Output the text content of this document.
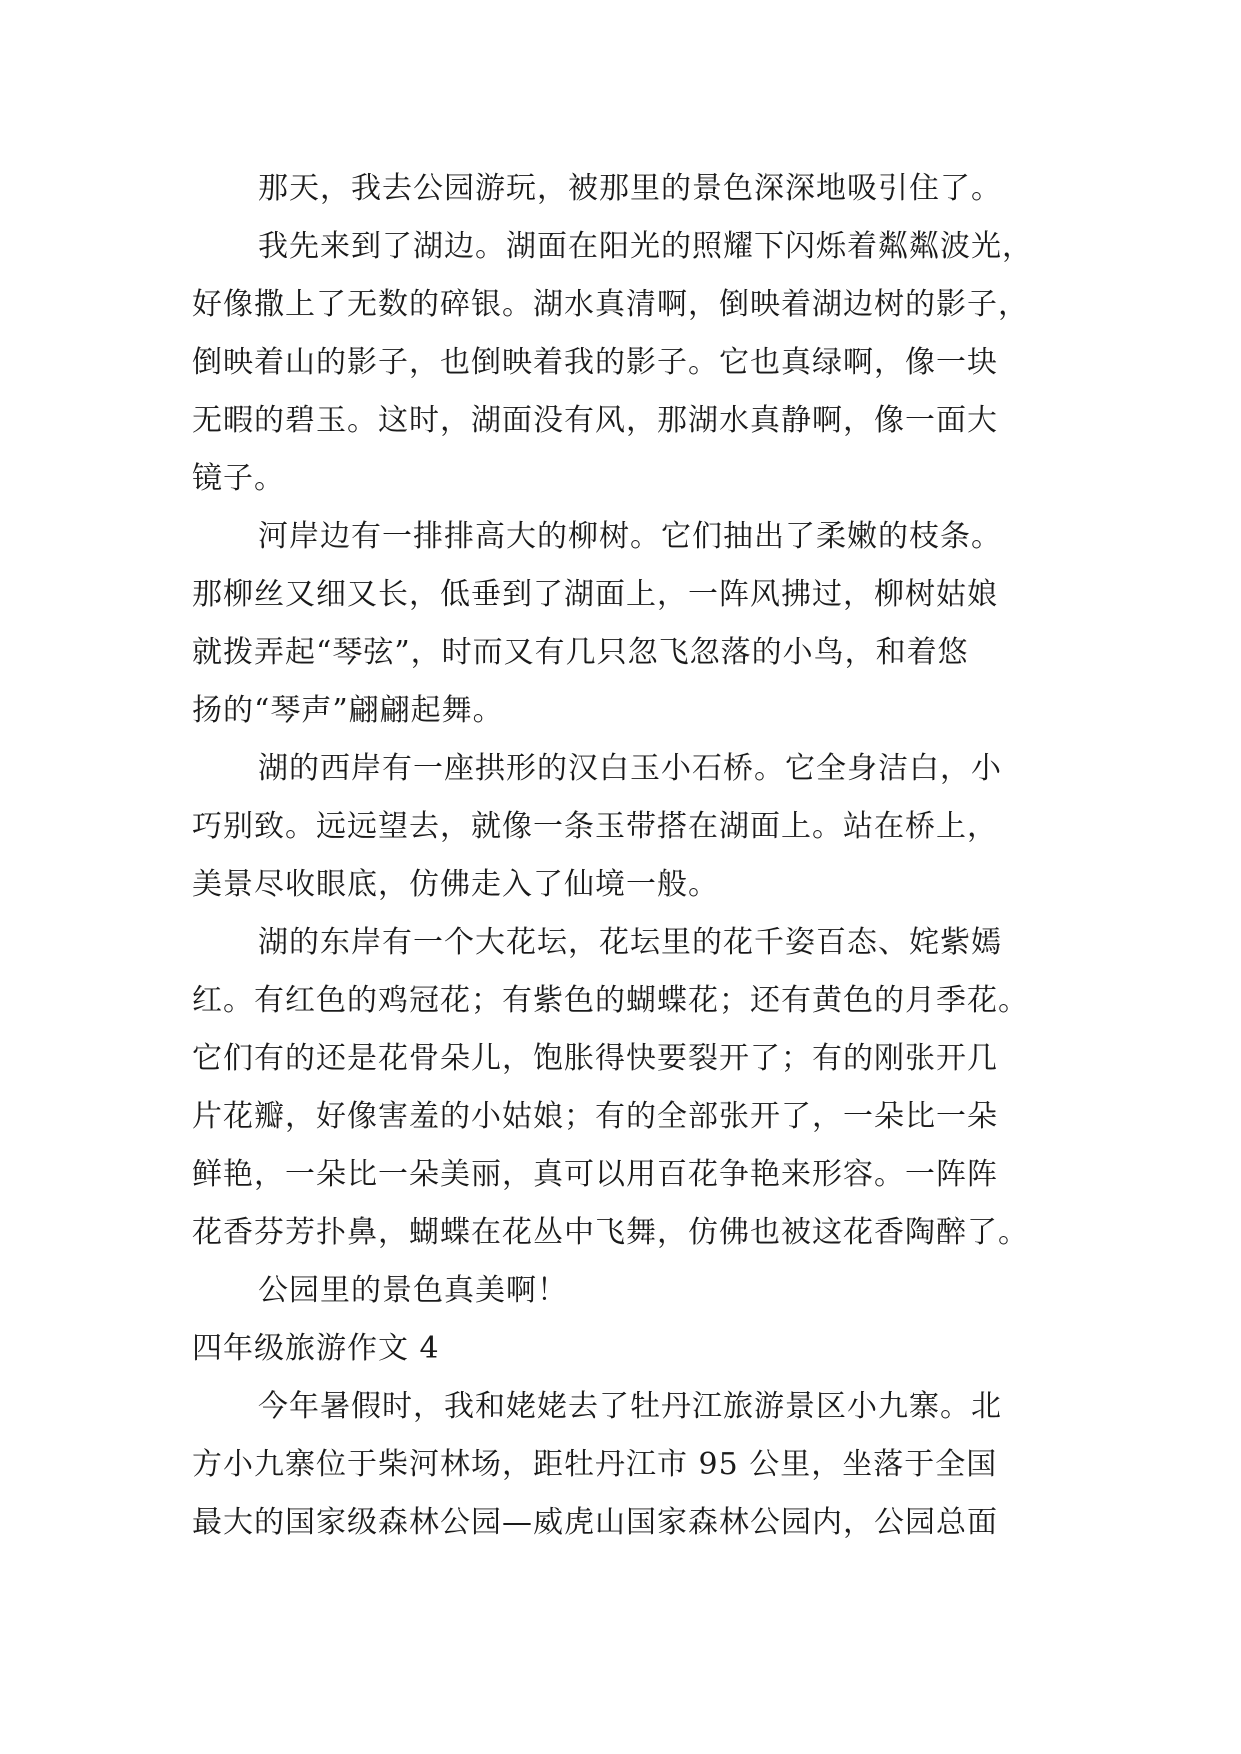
那天，我去公园游玩，被那里的景色深深地吸引住了。
我先来到了湖边。湖面在阳光的照耀下闪烁着粼粼波光，
好像撒上了无数的碎银。湖水真清啊，倒映着湖边树的影子，
倒映着山的影子，也倒映着我的影子。它也真绿啊，像一块
无暇的碧玉。这时，湖面没有风，那湖水真静啊，像一面大
镜子。
河岸边有一排排高大的柳树。它们抽出了柔嫩的枝条。
那柳丝又细又长，低垂到了湖面上，一阵风拂过，柳树姑娘
就拨弄起“琴弦”，时而又有几只忽飞忽落的小鸟，和着悠
扬的“琴声”翩翩起舞。
湖的西岸有一座拱形的汉白玉小石桥。它全身洁白，小
巧别致。远远望去，就像一条玉带搭在湖面上。站在桥上，
美景尽收眼底，仿佛走入了仙境一般。
湖的东岸有一个大花坛，花坛里的花千姿百态、姹紫嫣
红。有红色的鸡冠花；有紫色的蝴蝶花；还有黄色的月季花。
它们有的还是花骨朵儿，饱胀得快要裂开了；有的刚张开几
片花瓣，好像害羞的小姑娘；有的全部张开了，一朵比一朵
鲜艳，一朵比一朵美丽，真可以用百花争艳来形容。一阵阵
花香芬芳扑鼻，蝴蝶在花丛中飞舞，仿佛也被这花香陶醉了。
公园里的景色真美啊！
四年级旅游作文 4
今年暑假时，我和姥姥去了牡丹江旅游景区小九寨。北
方小九寨位于柴河林场，距牡丹江市 95 公里，坐落于全国
最大的国家级森林公园—威虎山国家森林公园内，公园总面
